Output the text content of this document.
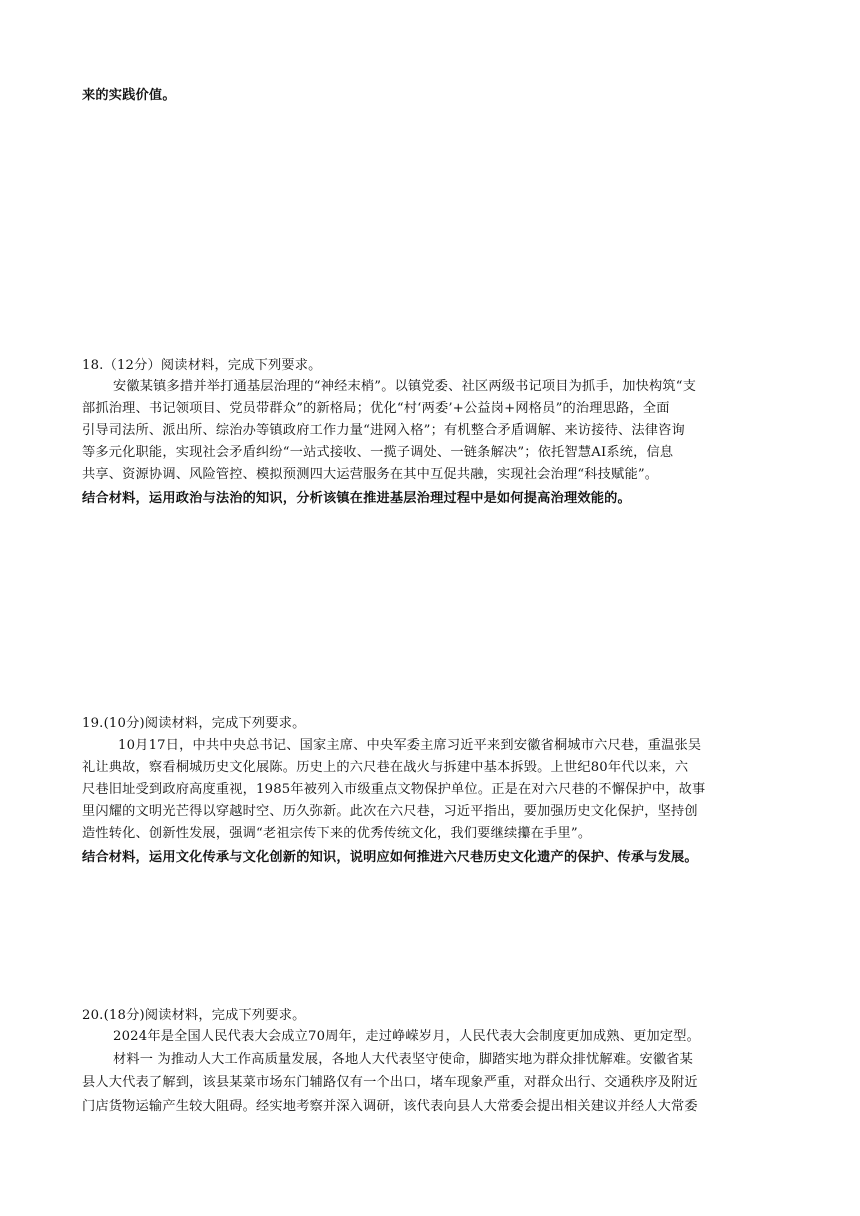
来的实践价值。
18.（12分）阅读材料，完成下列要求。
安徽某镇多措并举打通基层治理的“神经末梢”。以镇党委、社区两级书记项目为抓手，加快构筑“支
部抓治理、书记领项目、党员带群众”的新格局；优化“村‘两委’+公益岗+网格员”的治理思路，全面
引导司法所、派出所、综治办等镇政府工作力量“进网入格”；有机整合矛盾调解、来访接待、法律咨询
等多元化职能，实现社会矛盾纠纷“一站式接收、一揽子调处、一链条解决”；依托智慧AI系统，信息
共享、资源协调、风险管控、模拟预测四大运营服务在其中互促共融，实现社会治理“科技赋能”。
结合材料，运用政治与法治的知识，分析该镇在推进基层治理过程中是如何提高治理效能的。
19.(10分)阅读材料，完成下列要求。
10月17日，中共中央总书记、国家主席、中央军委主席习近平来到安徽省桐城市六尺巷，重温张吴
礼让典故，察看桐城历史文化展陈。历史上的六尺巷在战火与拆建中基本拆毁。上世纪80年代以来，六
尺巷旧址受到政府高度重视，1985年被列入市级重点文物保护单位。正是在对六尺巷的不懈保护中，故事
里闪耀的文明光芒得以穿越时空、历久弥新。此次在六尺巷，习近平指出，要加强历史文化保护，坚持创
造性转化、创新性发展，强调“老祖宗传下来的优秀传统文化，我们要继续攥在手里”。
结合材料，运用文化传承与文化创新的知识，说明应如何推进六尺巷历史文化遗产的保护、传承与发展。
20.(18分)阅读材料，完成下列要求。
2024年是全国人民代表大会成立70周年，走过峥嵘岁月，人民代表大会制度更加成熟、更加定型。
材料一 为推动人大工作高质量发展，各地人大代表坚守使命，脚踏实地为群众排忧解难。安徽省某
县人大代表了解到，该县某菜市场东门辅路仅有一个出口，堵车现象严重，对群众出行、交通秩序及附近
门店货物运输产生较大阻碍。经实地考察并深入调研，该代表向县人大常委会提出相关建议并经人大常委
